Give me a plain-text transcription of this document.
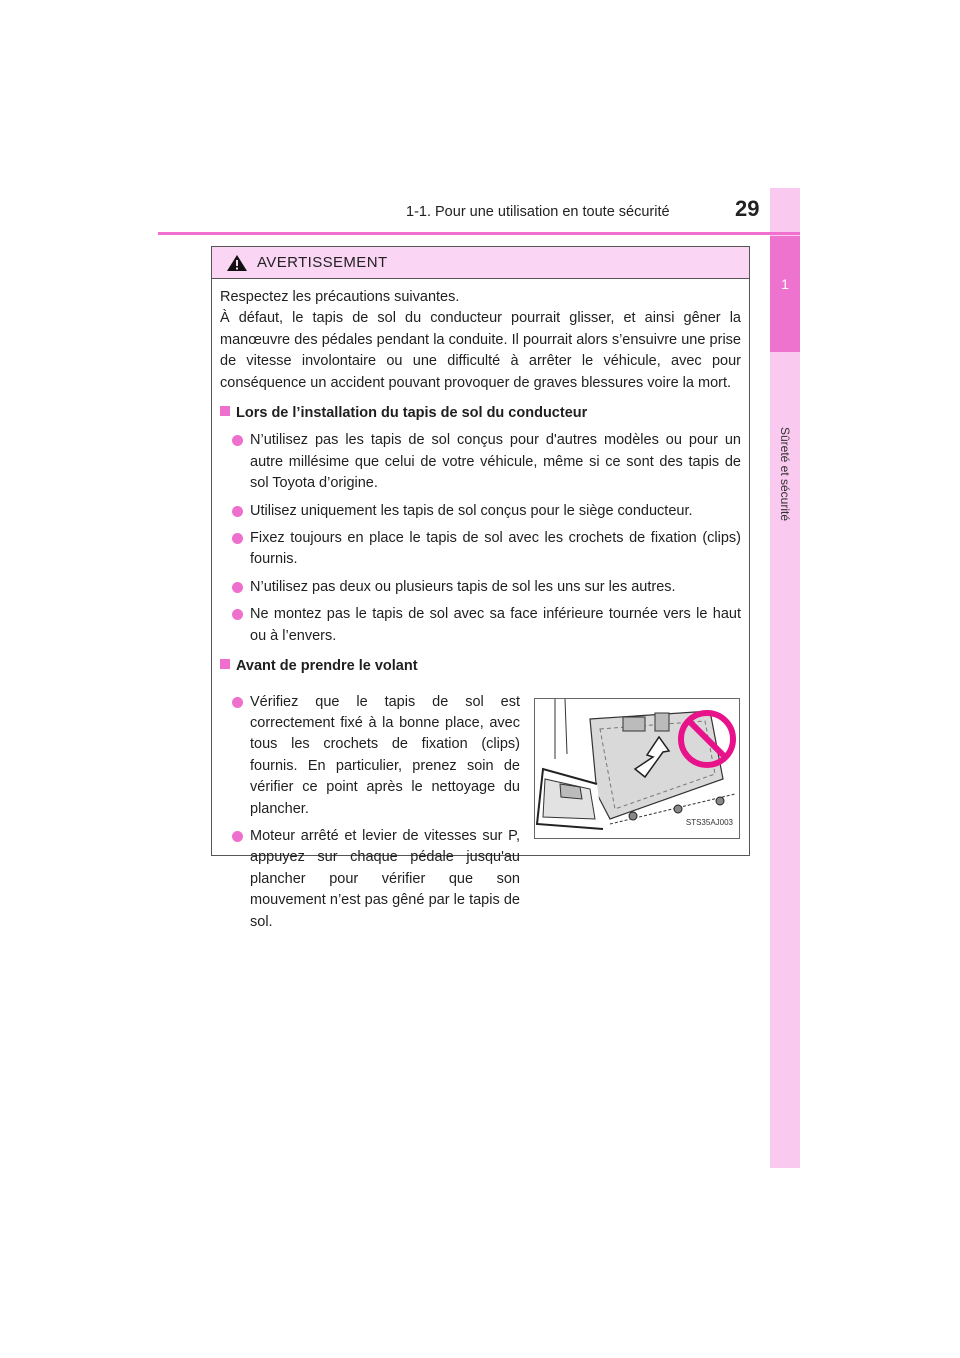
1
Sûreté et sécurité
1-1. Pour une utilisation en toute sécurité	29
AVERTISSEMENT

Respectez les précautions suivantes.

À défaut, le tapis de sol du conducteur pourrait glisser, et ainsi gêner la manœuvre des pédales pendant la conduite. Il pourrait alors s’ensuivre une prise de vitesse involontaire ou une difficulté à arrêter le véhicule, avec pour conséquence un accident pouvant provoquer de graves blessures voire la mort.

Lors de l’installation du tapis de sol du conducteur
N’utilisez pas les tapis de sol conçus pour d'autres modèles ou pour un autre millésime que celui de votre véhicule, même si ce sont des tapis de sol Toyota d’origine.
Utilisez uniquement les tapis de sol conçus pour le siège conducteur.
Fixez toujours en place le tapis de sol avec les crochets de fixation (clips) fournis.
N’utilisez pas deux ou plusieurs tapis de sol les uns sur les autres.
Ne montez pas le tapis de sol avec sa face inférieure tournée vers le haut ou à l’envers.
Avant de prendre le volant
Vérifiez que le tapis de sol est correctement fixé à la bonne place, avec tous les crochets de fixation (clips) fournis. En particulier, prenez soin de vérifier ce point après le nettoyage du plancher.
Moteur arrêté et levier de vitesses sur P, appuyez sur chaque pédale jusqu'au plancher pour vérifier que son mouvement n’est pas gêné par le tapis de sol.
STS35AJ003
